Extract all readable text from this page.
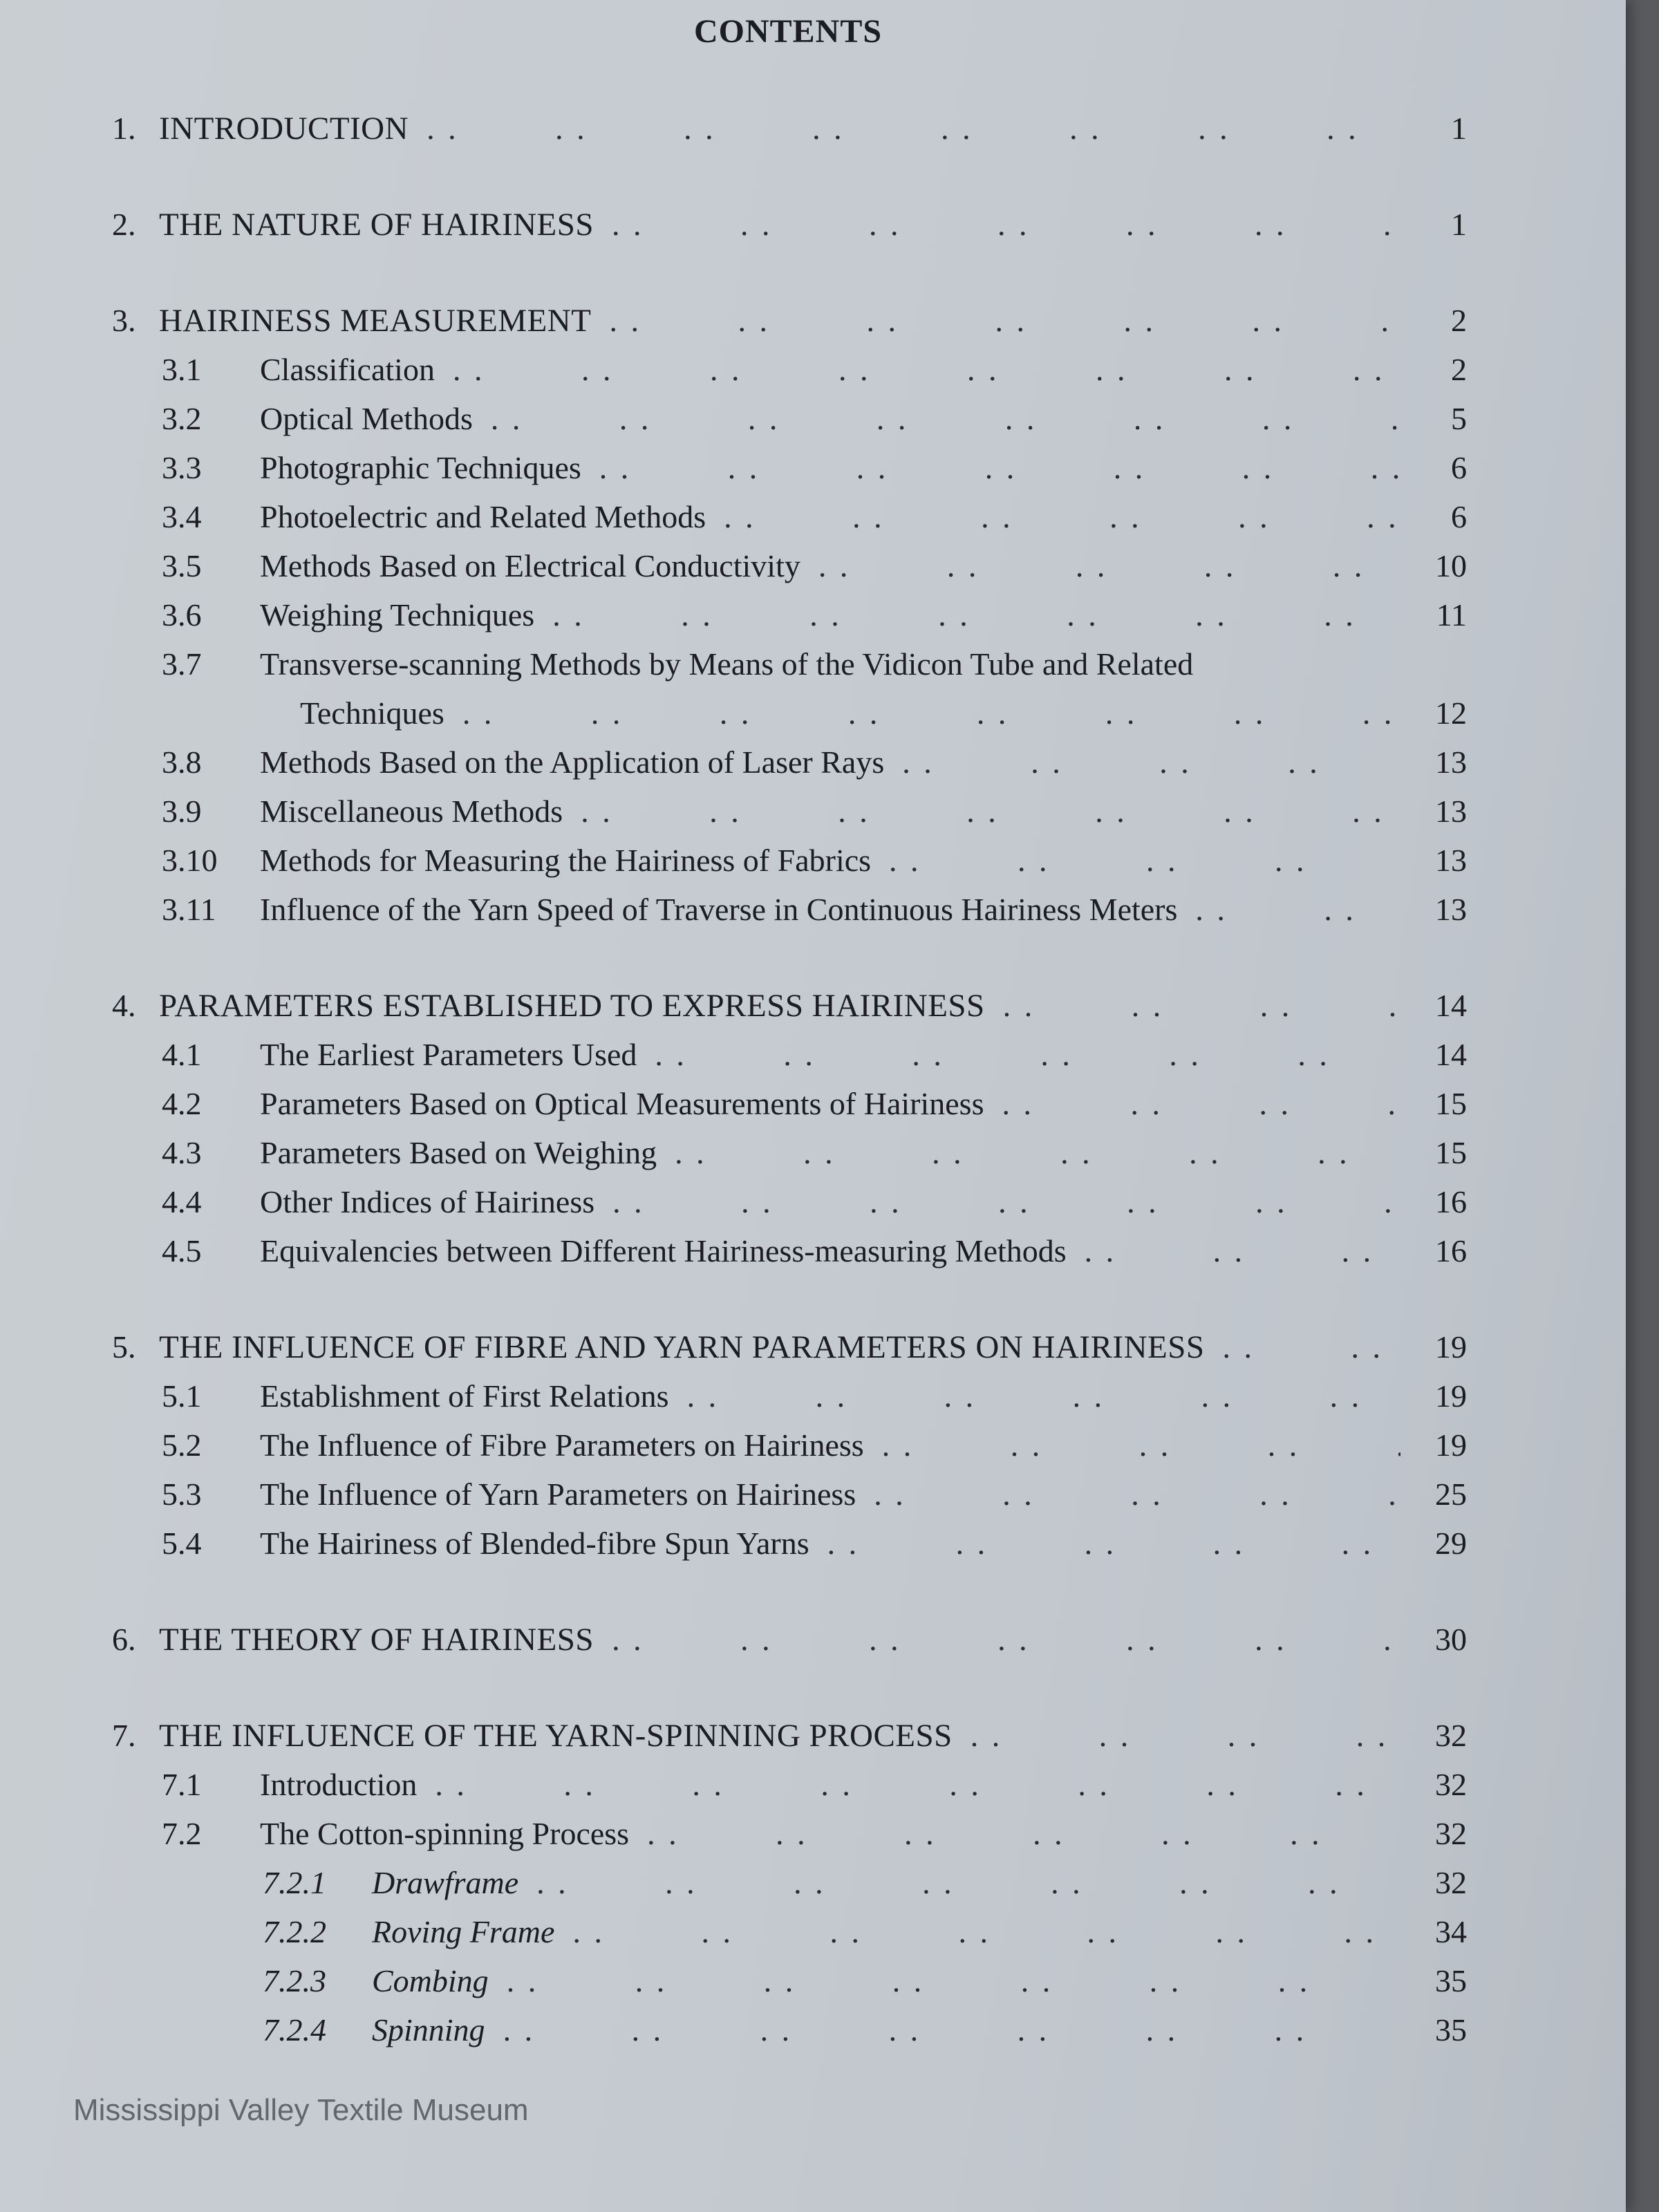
CONTENTS
1. INTRODUCTION . .	1
2. THE NATURE OF HAIRINESS . .	1
3. HAIRINESS MEASUREMENT . .	2
3.1	Classification . .	2
3.2	Optical Methods . .	5
3.3	Photographic Techniques . .	6
3.4	Photoelectric and Related Methods . .	6
3.5	Methods Based on Electrical Conductivity . .	10
3.6	Weighing Techniques . .	11
3.7	Transverse-scanning Methods by Means of the Vidicon Tube and Related
Techniques . .	12
3.8	Methods Based on the Application of Laser Rays . .	13
3.9	Miscellaneous Methods . .	13
3.10	Methods for Measuring the Hairiness of Fabrics . .	13
3.11	Influence of the Yarn Speed of Traverse in Continuous Hairiness Meters . .	13
4. PARAMETERS ESTABLISHED TO EXPRESS HAIRINESS . .	14
4.1	The Earliest Parameters Used . .	14
4.2	Parameters Based on Optical Measurements of Hairiness . .	15
4.3	Parameters Based on Weighing . .	15
4.4	Other Indices of Hairiness . .	16
4.5	Equivalencies between Different Hairiness-measuring Methods . .	16
5. THE INFLUENCE OF FIBRE AND YARN PARAMETERS ON HAIRINESS . .	19
5.1	Establishment of First Relations . .	19
5.2	The Influence of Fibre Parameters on Hairiness . .	19
5.3	The Influence of Yarn Parameters on Hairiness . .	25
5.4	The Hairiness of Blended-fibre Spun Yarns . .	29
6. THE THEORY OF HAIRINESS . .	30
7. THE INFLUENCE OF THE YARN-SPINNING PROCESS . .	32
7.1	Introduction . .	32
7.2	The Cotton-spinning Process . .	32
7.2.1	Drawframe . .	32
7.2.2	Roving Frame . .	34
7.2.3	Combing . .	35
7.2.4	Spinning . .	35
Mississippi Valley Textile Museum
